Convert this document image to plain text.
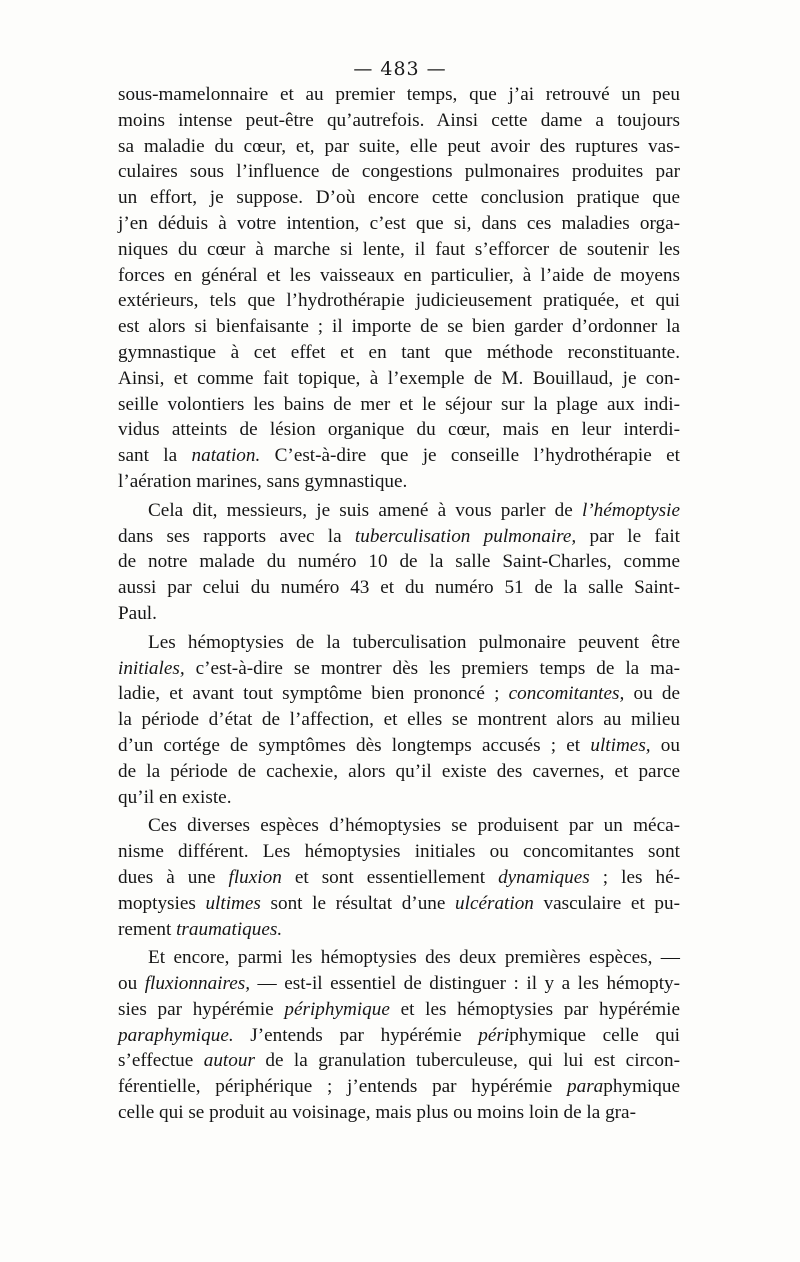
— 483 —
sous-mamelonnaire et au premier temps, que j’ai retrouvé un peu
moins intense peut-être qu’autrefois. Ainsi cette dame a toujours
sa maladie du cœur, et, par suite, elle peut avoir des ruptures vas-
culaires sous l’influence de congestions pulmonaires produites par
un effort, je suppose. D’où encore cette conclusion pratique que
j’en déduis à votre intention, c’est que si, dans ces maladies orga-
niques du cœur à marche si lente, il faut s’efforcer de soutenir les
forces en général et les vaisseaux en particulier, à l’aide de moyens
extérieurs, tels que l’hydrothérapie judicieusement pratiquée, et qui
est alors si bienfaisante ; il importe de se bien garder d’ordonner la
gymnastique à cet effet et en tant que méthode reconstituante.
Ainsi, et comme fait topique, à l’exemple de M. Bouillaud, je con-
seille volontiers les bains de mer et le séjour sur la plage aux indi-
vidus atteints de lésion organique du cœur, mais en leur interdi-
sant la natation. C’est-à-dire que je conseille l’hydrothérapie et
l’aération marines, sans gymnastique.
Cela dit, messieurs, je suis amené à vous parler de l’hémoptysie
dans ses rapports avec la tuberculisation pulmonaire, par le fait
de notre malade du numéro 10 de la salle Saint-Charles, comme
aussi par celui du numéro 43 et du numéro 51 de la salle Saint-
Paul.
Les hémoptysies de la tuberculisation pulmonaire peuvent être
initiales, c’est-à-dire se montrer dès les premiers temps de la ma-
ladie, et avant tout symptôme bien prononcé ; concomitantes, ou de
la période d’état de l’affection, et elles se montrent alors au milieu
d’un cortége de symptômes dès longtemps accusés ; et ultimes, ou
de la période de cachexie, alors qu’il existe des cavernes, et parce
qu’il en existe.
Ces diverses espèces d’hémoptysies se produisent par un méca-
nisme différent. Les hémoptysies initiales ou concomitantes sont
dues à une fluxion et sont essentiellement dynamiques ; les hé-
moptysies ultimes sont le résultat d’une ulcération vasculaire et pu-
rement traumatiques.
Et encore, parmi les hémoptysies des deux premières espèces, —
ou fluxionnaires, — est-il essentiel de distinguer : il y a les hémopty-
sies par hypérémie périphymique et les hémoptysies par hypérémie
paraphymique. J’entends par hypérémie périphymique celle qui
s’effectue autour de la granulation tuberculeuse, qui lui est circon-
férentielle, périphérique ; j’entends par hypérémie paraphymique
celle qui se produit au voisinage, mais plus ou moins loin de la gra-
